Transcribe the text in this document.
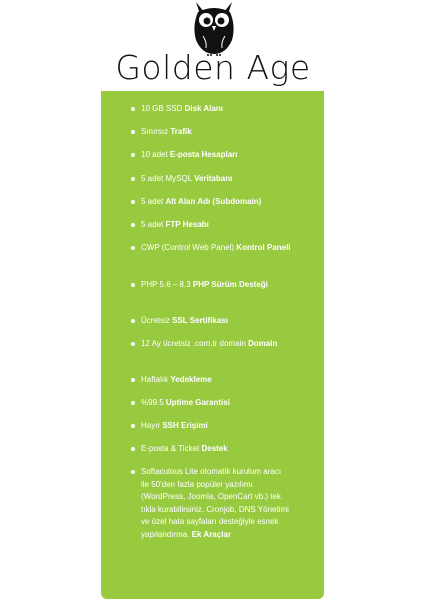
Golden Age
10 GB SSD Disk Alanı
Sınırsız Trafik
10 adet E-posta Hesapları
5 adet MySQL Veritabanı
5 adet Alt Alan Adı (Subdomain)
5 adet FTP Hesabı
CWP (Control Web Panel) Kontrol Paneli
PHP 5.6 – 8.3 PHP Sürüm Desteği
Ücretsiz SSL Sertifikası
12 Ay ücretsiz .com.tr domain Domain
Haftalık Yedekleme
%99.5 Uptime Garantisi
Hayır SSH Erişimi
E-posta & Ticket Destek
Softaculous Lite otomatik kurulum aracı ile 50'den fazla popüler yazılımı (WordPress, Joomla, OpenCart vb.) tek tıkla kurabilirsiniz. Cronjob, DNS Yönetimi ve özel hata sayfaları desteğiyle esnek yapılandırma. Ek Araçlar
